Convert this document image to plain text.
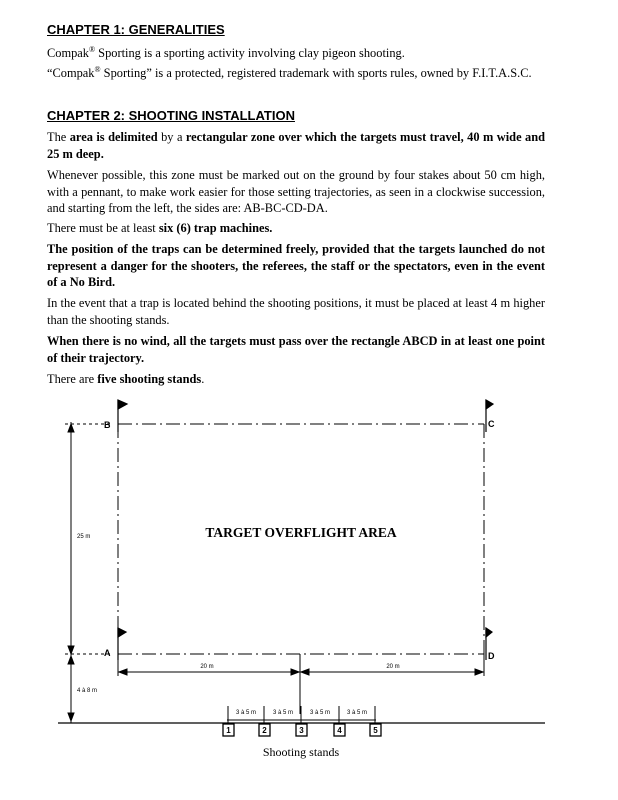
CHAPTER 1: GENERALITIES

Compak® Sporting is a sporting activity involving clay pigeon shooting.

“Compak® Sporting” is a protected, registered trademark with sports rules, owned by F.I.T.A.S.C.

CHAPTER 2: SHOOTING INSTALLATION

The area is delimited by a rectangular zone over which the targets must travel, 40 m wide and 25 m deep.

Whenever possible, this zone must be marked out on the ground by four stakes about 50 cm high, with a pennant, to make work easier for those setting trajectories, as seen in a clockwise succession, and starting from the left, the sides are: AB-BC-CD-DA.

There must be at least six (6) trap machines.

The position of the traps can be determined freely, provided that the targets launched do not represent a danger for the shooters, the referees, the staff or the spectators, even in the event of a No Bird.

In the event that a trap is located behind the shooting positions, it must be placed at least 4 m higher than the shooting stands.

When there is no wind, all the targets must pass over the rectangle ABCD in at least one point of their trajectory.

There are five shooting stands.

B	C
A	D
TARGET OVERFLIGHT AREA
25 m
4 à 8 m
20 m	20 m
3 à 5 m	3 à 5 m	3 à 5 m	3 à 5 m
1	2	3	4	5
Shooting stands
